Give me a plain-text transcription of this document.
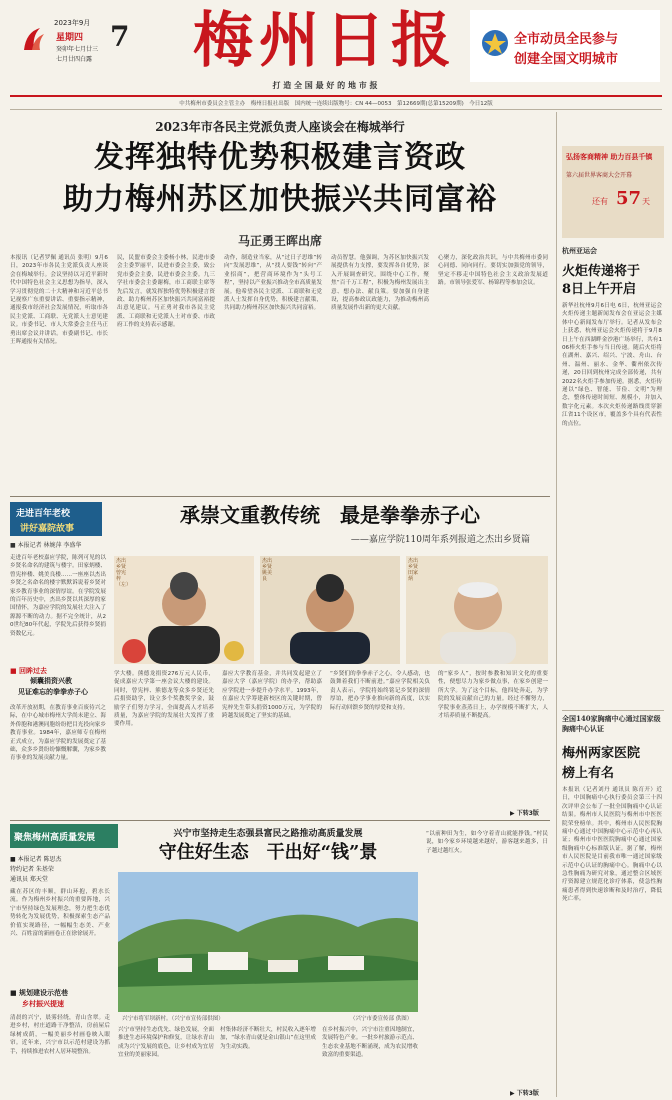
2023年9月
星期四 7
癸卯年七月廿三
七月廿四白露 梅州日报
打 造 全 国 最 好 的 地 市 报
全市动员全民参与
创建全国文明城市
中共梅州市委员会主管主办　梅州日报社出版　国内统一连续出版物号：CN 44—0053　第12669期(总第15209期)　今日12版
2023年市各民主党派负责人座谈会在梅城举行
发挥独特优势积极建言资政
助力梅州苏区加快振兴共同富裕
马正勇王晖出席
本报讯（记者罗佩 通讯员 张明）9月6日，2023年市各民主党派负责人座谈会在梅城举行。会议坚持以习近平新时代中国特色社会主义思想为指导，深入学习贯彻党的二十大精神和习近平总书记视察广东重要讲话、重要指示精神，通报我市经济社会发展情况，听取市各民主党派、工商联、无党派人士意见建议。市委书记、市人大常委会主任马正勇出席会议并讲话。市委副书记、市长王晖通报有关情况。
民，民盟市委会主委杨小林，民进市委会主委罗丽平，民进市委会主委，致公党市委会主委，民进市委会主委。九三学社市委会主委谢梅，市工商联主席等先后发言，就发挥独特优势积极建言资政、助力梅州苏区加快振兴共同富裕提出意见建议。马正勇对我市各民主党派、工商联和无党派人士对市委、市政府工作的支持表示感谢。
动作，制造业当家，从“过日子思维”转向“发展思维”，从“找人要钱”转向“产业招商”，把营商环境作为“头号工程”，坚持以产业振兴推动全市高质量发展。他希望各民主党派、工商联和无党派人士发挥自身优势，积极建言献策，共同助力梅州苏区加快振兴共同富裕。
动员智慧。他强调，为苏区加快振兴发展提供有力支撑，要发挥各自优势，深入开展调查研究，围绕中心工作，聚焦“百千万工程”，积极为梅州发展出主意、想办法、献良策。要加强自身建设，提高参政议政能力，为推动梅州高质量发展作出新的更大贡献。
心聚力，深化政治共识，与中共梅州市委同心同德、同向同行。要切实加强党的领导，坚定不移走中国特色社会主义政治发展道路。市领导张爱军、杨锦程等参加会议。
弘扬客商精神 助力百县千镇
第六届世界客商大会开幕
还有 57 天
杭州亚运会
火炬传递将于
8日上午开启
新华社杭州9月6日电 6日，杭州亚运会火炬传递主题新闻发布会在亚运会主媒体中心新闻发布厅举行。记者从发布会上获悉，杭州亚运会火炬传递将于9月8日上午在西湖畔金沙港广场举行，共有106棒火炬手参与当日传递。随后火炬将在湖州、嘉兴、绍兴、宁波、舟山、台州、温州、丽水、金华、衢州依次传递，20日回到杭州完成全部传递，共有2022名火炬手参加传递。据悉，火炬传递以“绿色、智能、节俭、文明”为理念，整体传递时间短、规模小，并加入数字化元素。本次火炬传递路线贯穿浙江省11个设区市，覆盖多个具有代表性的点位。
全国140家胸痛中心通过国家级胸痛中心认证
梅州两家医院
榜上有名
本报讯（记者刘丹 通讯员 陈育开）近日，中国胸痛中心执行委员会第三十四次评审会公布了一批全国胸痛中心认证结果。梅州市人民医院与梅州市中医医院荣登榜单。其中，梅州市人民医院胸痛中心通过中国胸痛中心示范中心再认证；梅州市中医医院胸痛中心通过国家级胸痛中心标准版认证。据了解，梅州市人民医院是目前我市唯一通过国家级示范中心认证的胸痛中心。胸痛中心以急性胸痛为研究对象，通过整合区域医疗资源建立规范化诊疗体系，使急性胸痛患者得到快速诊断和及时治疗，降低死亡率。
走进百年老校
讲好嘉院故事
■ 本报记者 林婉萍 李盛华
承崇文重教传统　最是拳拳赤子心
——嘉应学院110周年系列报道之杰出乡贤篇
走进百年老校嘉应学院，陈列可见的以乡贤名命名的建筑与楼宇。田家炳楼、曾宪梓楼、姚美良楼……一座座以杰出乡贤之名命名的楼宇默默诉说着乡贤对家乡教育事业的深情厚谊。在学院发展的百年历史中，杰出乡贤以其深厚的家国情怀，为嘉应学院的发展壮大注入了源源不断的动力。据不完全统计，从20世纪80年代起，学院先后获得乡贤捐资数亿元。
■ 回眸过去
倾囊捐资兴教
见证难忘的拳拳赤子心
改革开放初期，在教育事业百废待兴之际，在中心城市梅州大学尚未建立、海外侨胞和港澳同胞纷纷把目光投向家乡教育事业。1984年，嘉应师专在梅州正式成立，为嘉应学院的发展奠定了基础，众多乡贤纷纷慷慨解囊，为家乡教育事业的发展贡献力量。
杰出乡贤曾宪梓（左）
杰出乡贤姚美良
杰出乡贤田家炳
学大楼。熊德龙捐资276万元人民币，促成嘉应大学第一座会议大楼的建设。同时，曾宪梓、熊德龙等众多乡贤还先后捐资助学，设立多个奖教奖学金，鼓励学子们努力学习，全面提高人才培养质量，为嘉应学院的发展壮大发挥了重要作用。
嘉应大学教育基金，并共同发起建立了嘉应大学（嘉应学院）的办学，帮助嘉应学院进一步提升办学水平。1993年，在嘉应大学筹建新校区的关键时期，曾宪梓先生带头捐资1000万元，为学院的跨越发展奠定了坚实的基础。
“乡贤们的拳拳赤子之心，令人感动，也鼓舞着我们不断前进。”嘉应学院相关负责人表示，学院将始终铭记乡贤的深情厚谊，把办学事业推向新的高度，以实际行动回馈乡贤的厚爱和支持。
的“家乡人”，按时参教和知识文化的重要性，便想尽力为家乡做点事，在家乡创建一所大学。为了这个目标，他四处奔走，为学院的发展贡献自己的力量。经过不懈努力，学院事业蒸蒸日上，办学规模不断扩大，人才培养质量不断提高。
▶ 下转3版
聚焦梅州高质量发展
■ 本报记者 陈思杰
特约记者 朱基荣
通讯员 郑天堂
藏在苏区的丰顺，群山环抱，碧水长流。作为梅州乡村振兴的重要阵地，兴宁市坚持绿色发展理念，努力把生态优势转化为发展优势，积极探索生态产品价值实现路径，一幅幅生态美、产业兴、百姓富的新画卷正在徐徐展开。
■ 规划建设示范巷
乡村振兴提速
清晨的兴宁，晨雾轻绕，青山含翠。走进乡村，村庄道路干净整洁，房前屋后绿树成荫，一幅美丽乡村画卷映入眼帘。近年来，兴宁市以示范村建设为抓手，持续推进农村人居环境整治。
兴宁市坚持走生态强县富民之路推动高质量发展
守住好生态　干出好“钱”景
兴宁市将军坝新村。（兴宁市宣传部供图）	（兴宁市委宣传部 供图）
兴宁市坚持生态优先、绿色发展，全面推进生态环境保护和修复，让绿水青山成为兴宁发展的底色，让乡村成为宜居宜业的美丽家园。
村集体经济不断壮大，村民收入逐年增加，“绿水青山就是金山银山”在这里成为生动实践。
在乡村振兴中，兴宁市注重因地制宜，发展特色产业。一批乡村旅游示范点、生态农业基地不断涌现，成为农民增收致富的重要渠道。
“以前种田为生，如今守着青山就能挣钱。”村民说，如今家乡环境越来越好，游客越来越多，日子越过越红火。
▶ 下转3版
